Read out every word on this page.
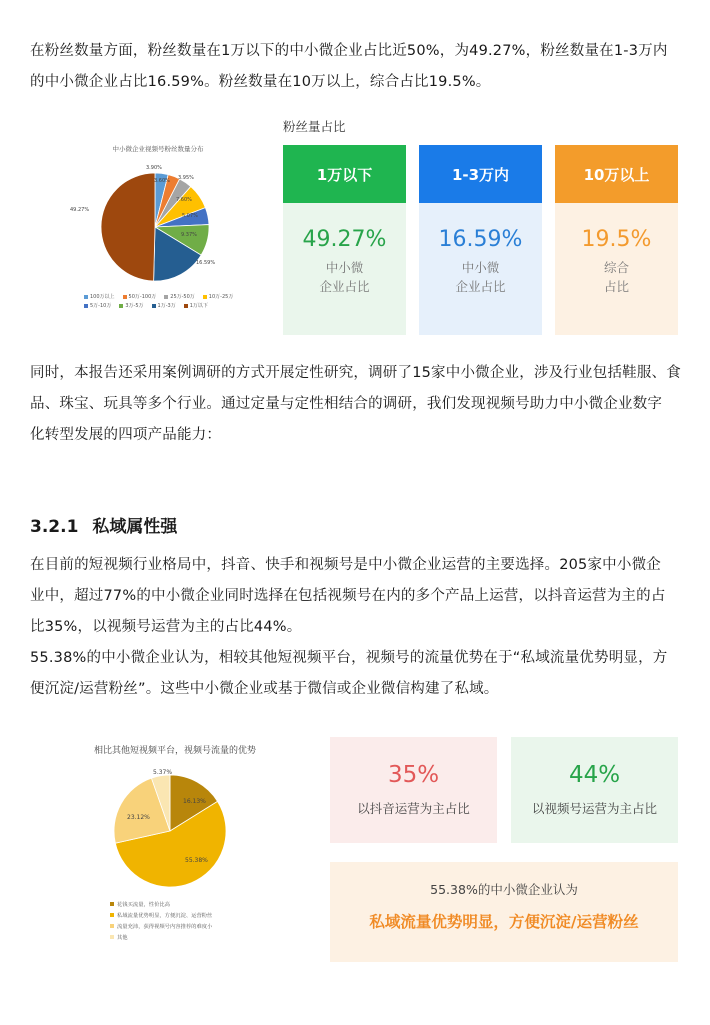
在粉丝数量方面，粉丝数量在1万以下的中小微企业占比近50%，为49.27%，粉丝数量在1-3万内
的中小微企业占比16.59%。粉丝数量在10万以上，综合占比19.5%。
中小微企业视频号粉丝数量分布
3.90%
3.60% 3.95%
7.60%
5.07%
9.37%
16.59%
49.27%
100万以上	50万-100万	25万-50万	10万-25万
5万-10万	3万-5万	1万-3万	1万以下
粉丝量占比
1万以下
49.27%
中小微
企业占比
1-3万内
16.59%
中小微
企业占比
10万以上
19.5%
综合
占比
同时，本报告还采用案例调研的方式开展定性研究，调研了15家中小微企业，涉及行业包括鞋服、食
品、珠宝、玩具等多个行业。通过定量与定性相结合的调研，我们发现视频号助力中小微企业数字
化转型发展的四项产品能力：
3.2.1 私域属性强
在目前的短视频行业格局中，抖音、快手和视频号是中小微企业运营的主要选择。205家中小微企
业中，超过77%的中小微企业同时选择在包括视频号在内的多个产品上运营，以抖音运营为主的占
比35%，以视频号运营为主的占比44%。
55.38%的中小微企业认为，相较其他短视频平台，视频号的流量优势在于“私域流量优势明显，方
便沉淀/运营粉丝”。这些中小微企业或基于微信或企业微信构建了私域。
相比其他短视频平台，视频号流量的优势
16.13%
55.38%
23.12%
5.37%
花钱买流量，性价比高
私域流量优势明显，方便沉淀、运营粉丝
流量充沛，获得视频号内容推荐的难度小
其他
35%
以抖音运营为主占比
44%
以视频号运营为主占比
55.38%的中小微企业认为
私域流量优势明显，方便沉淀/运营粉丝
